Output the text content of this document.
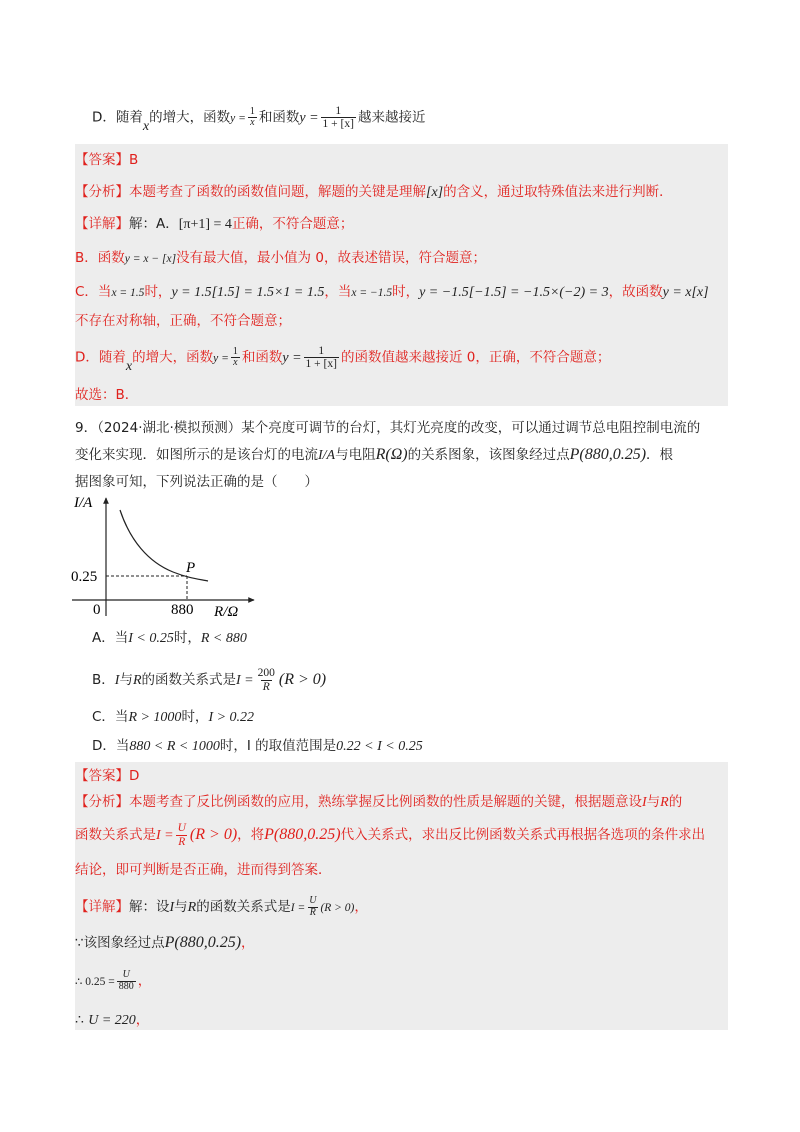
D．随着x的增大，函数$y = \frac{1}{x}$ 和函数$y = \frac{1}{1 + [x]}$ 越来越接近
【答案】B
【分析】本题考查了函数的函数值问题，解题的关键是理解[x]的含义，通过取特殊值法来进行判断．
【详解】解：A．[π+1] = 4正确，不符合题意；
B．函数y = x − [x]没有最大值，最小值为 0，故表述错误，符合题意；
C．当x = 1.5时，y = 1.5[1.5] = 1.5×1 = 1.5，当x = −1.5时，y = −1.5[−1.5] = −1.5×(−2) = 3，故函数y = x[x]
不存在对称轴，正确，不符合题意；
D．随着x的增大，函数$y = \frac{1}{x}$ 和函数$y = \frac{1}{1 + [x]}$ 的函数值越来越接近 0，正确，不符合题意；
故选：B．
9．（2024·湖北·模拟预测）某个亮度可调节的台灯，其灯光亮度的改变，可以通过调节总电阻控制电流的
变化来实现．如图所示的是该台灯的电流I/A与电阻R(Ω)的关系图象，该图象经过点P(880,0.25)．根
据图象可知，下列说法正确的是（　　）
I/A
R/Ω
0
0.25
880
P
A．当I < 0.25时，R < 880
B．I与R的函数关系式是$I = \frac{200}{R} (R > 0)$
C．当R > 1000时，I > 0.22
D．当880 < R < 1000时，I 的取值范围是0.22 < I < 0.25
【答案】D
【分析】本题考查了反比例函数的应用，熟练掌握反比例函数的性质是解题的关键，根据题意设I与R的
函数关系式是$I = \frac{U}{R} (R > 0)$，将P(880,0.25)代入关系式，求出反比例函数关系式再根据各选项的条件求出
结论，即可判断是否正确，进而得到答案．
【详解】解：设I与R的函数关系式是$I = \frac{U}{R} (R > 0)$，
∵该图象经过点P(880,0.25)，
∴ $0.25 = \frac{U}{880}$ ，
∴ U = 220，
